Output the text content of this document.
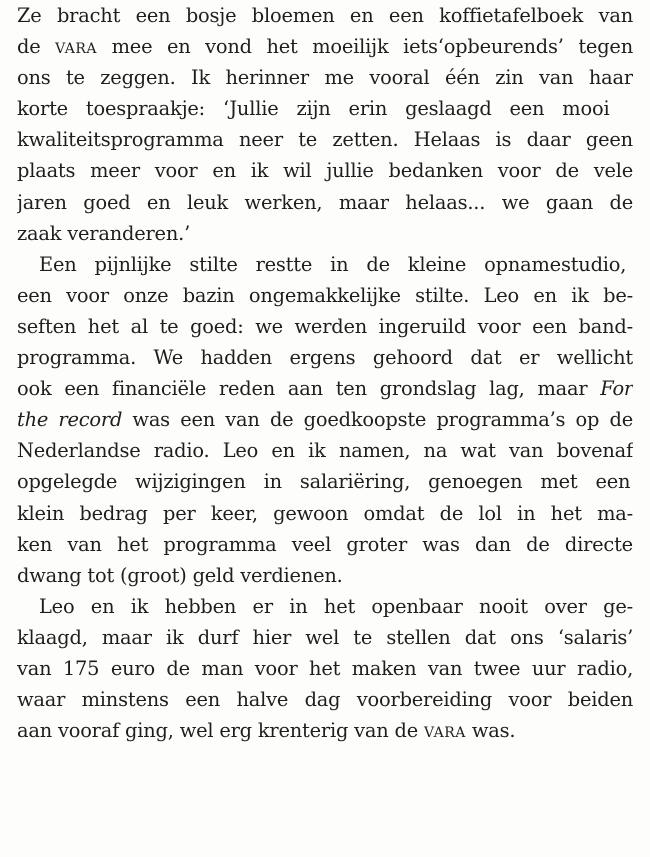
Ze bracht een bosje bloemen en een koffietafelboek van
de vara mee en vond het moeilijk iets‘opbeurends’ tegen
ons te zeggen. Ik herinner me vooral één zin van haar
korte toespraakje: ‘Jullie zijn erin geslaagd een mooi
kwaliteitsprogramma neer te zetten. Helaas is daar geen
plaats meer voor en ik wil jullie bedanken voor de vele
jaren goed en leuk werken, maar helaas... we gaan de
zaak veranderen.’
Een pijnlijke stilte restte in de kleine opnamestudio,
een voor onze bazin ongemakkelijke stilte. Leo en ik be-
seften het al te goed: we werden ingeruild voor een band-
programma. We hadden ergens gehoord dat er wellicht
ook een financiële reden aan ten grondslag lag, maar For
the record was een van de goedkoopste programma’s op de
Nederlandse radio. Leo en ik namen, na wat van bovenaf
opgelegde wijzigingen in salariëring, genoegen met een
klein bedrag per keer, gewoon omdat de lol in het ma-
ken van het programma veel groter was dan de directe
dwang tot (groot) geld verdienen.
Leo en ik hebben er in het openbaar nooit over ge-
klaagd, maar ik durf hier wel te stellen dat ons ‘salaris’
van 175 euro de man voor het maken van twee uur radio,
waar minstens een halve dag voorbereiding voor beiden
aan vooraf ging, wel erg krenterig van de vara was.
